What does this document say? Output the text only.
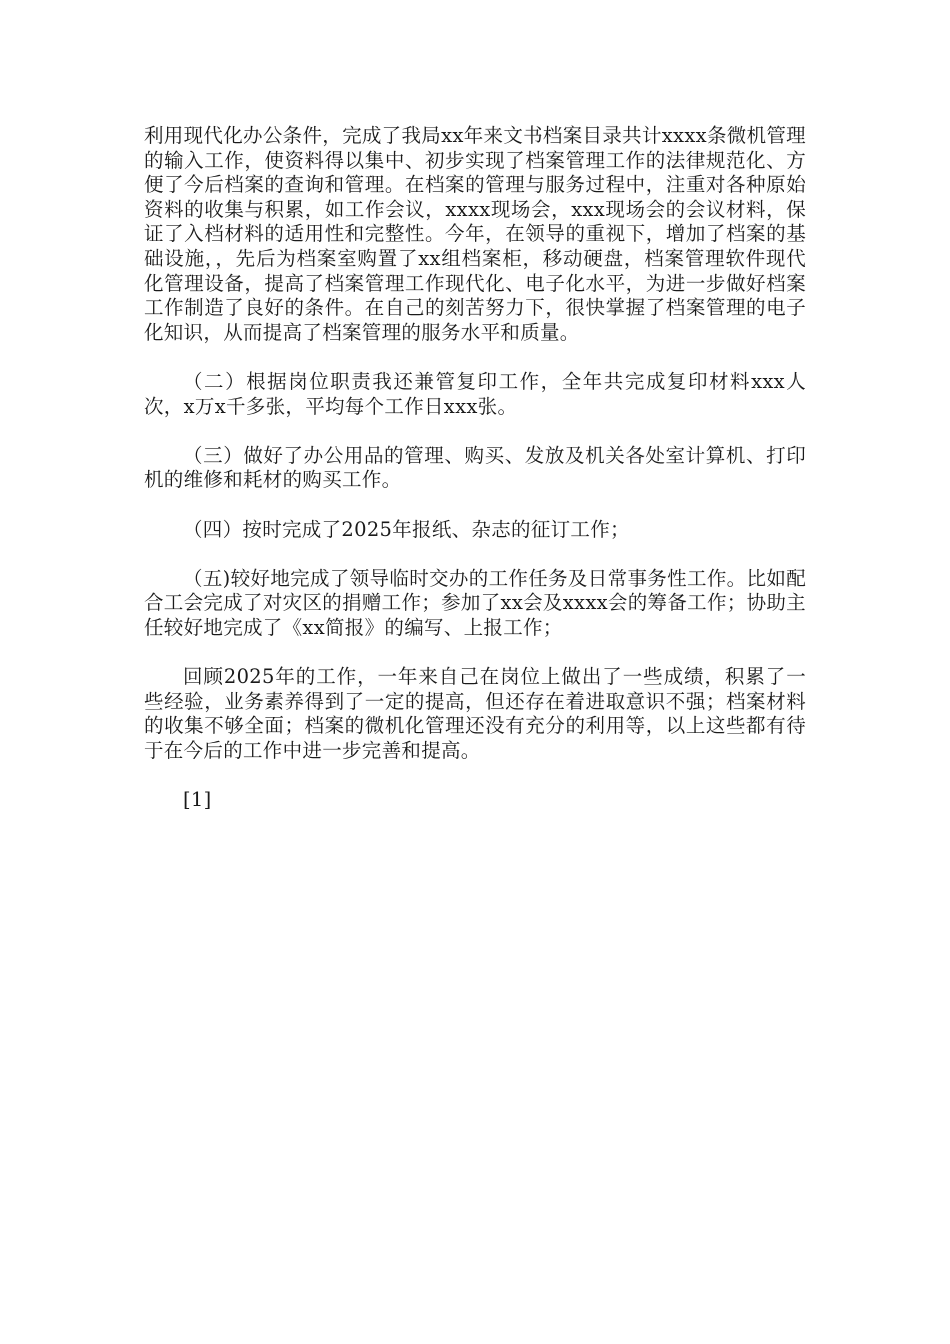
利用现代化办公条件，完成了我局xx年来文书档案目录共计xxxx条微机管理的输入工作，使资料得以集中、初步实现了档案管理工作的法律规范化、方便了今后档案的查询和管理。在档案的管理与服务过程中，注重对各种原始资料的收集与积累，如工作会议，xxxx现场会，xxx现场会的会议材料，保证了入档材料的适用性和完整性。今年，在领导的重视下，增加了档案的基础设施，，先后为档案室购置了xx组档案柜，移动硬盘，档案管理软件现代化管理设备，提高了档案管理工作现代化、电子化水平，为进一步做好档案工作制造了良好的条件。在自己的刻苦努力下，很快掌握了档案管理的电子化知识，从而提高了档案管理的服务水平和质量。

（二）根据岗位职责我还兼管复印工作，全年共完成复印材料xxx人次，x万x千多张，平均每个工作日xxx张。

（三）做好了办公用品的管理、购买、发放及机关各处室计算机、打印机的维修和耗材的购买工作。

（四）按时完成了2025年报纸、杂志的征订工作；

（五)较好地完成了领导临时交办的工作任务及日常事务性工作。比如配合工会完成了对灾区的捐赠工作；参加了xx会及xxxx会的筹备工作；协助主任较好地完成了《xx简报》的编写、上报工作；

回顾2025年的工作，一年来自己在岗位上做出了一些成绩，积累了一些经验，业务素养得到了一定的提高，但还存在着进取意识不强；档案材料的收集不够全面；档案的微机化管理还没有充分的利用等，以上这些都有待于在今后的工作中进一步完善和提高。

[1]
